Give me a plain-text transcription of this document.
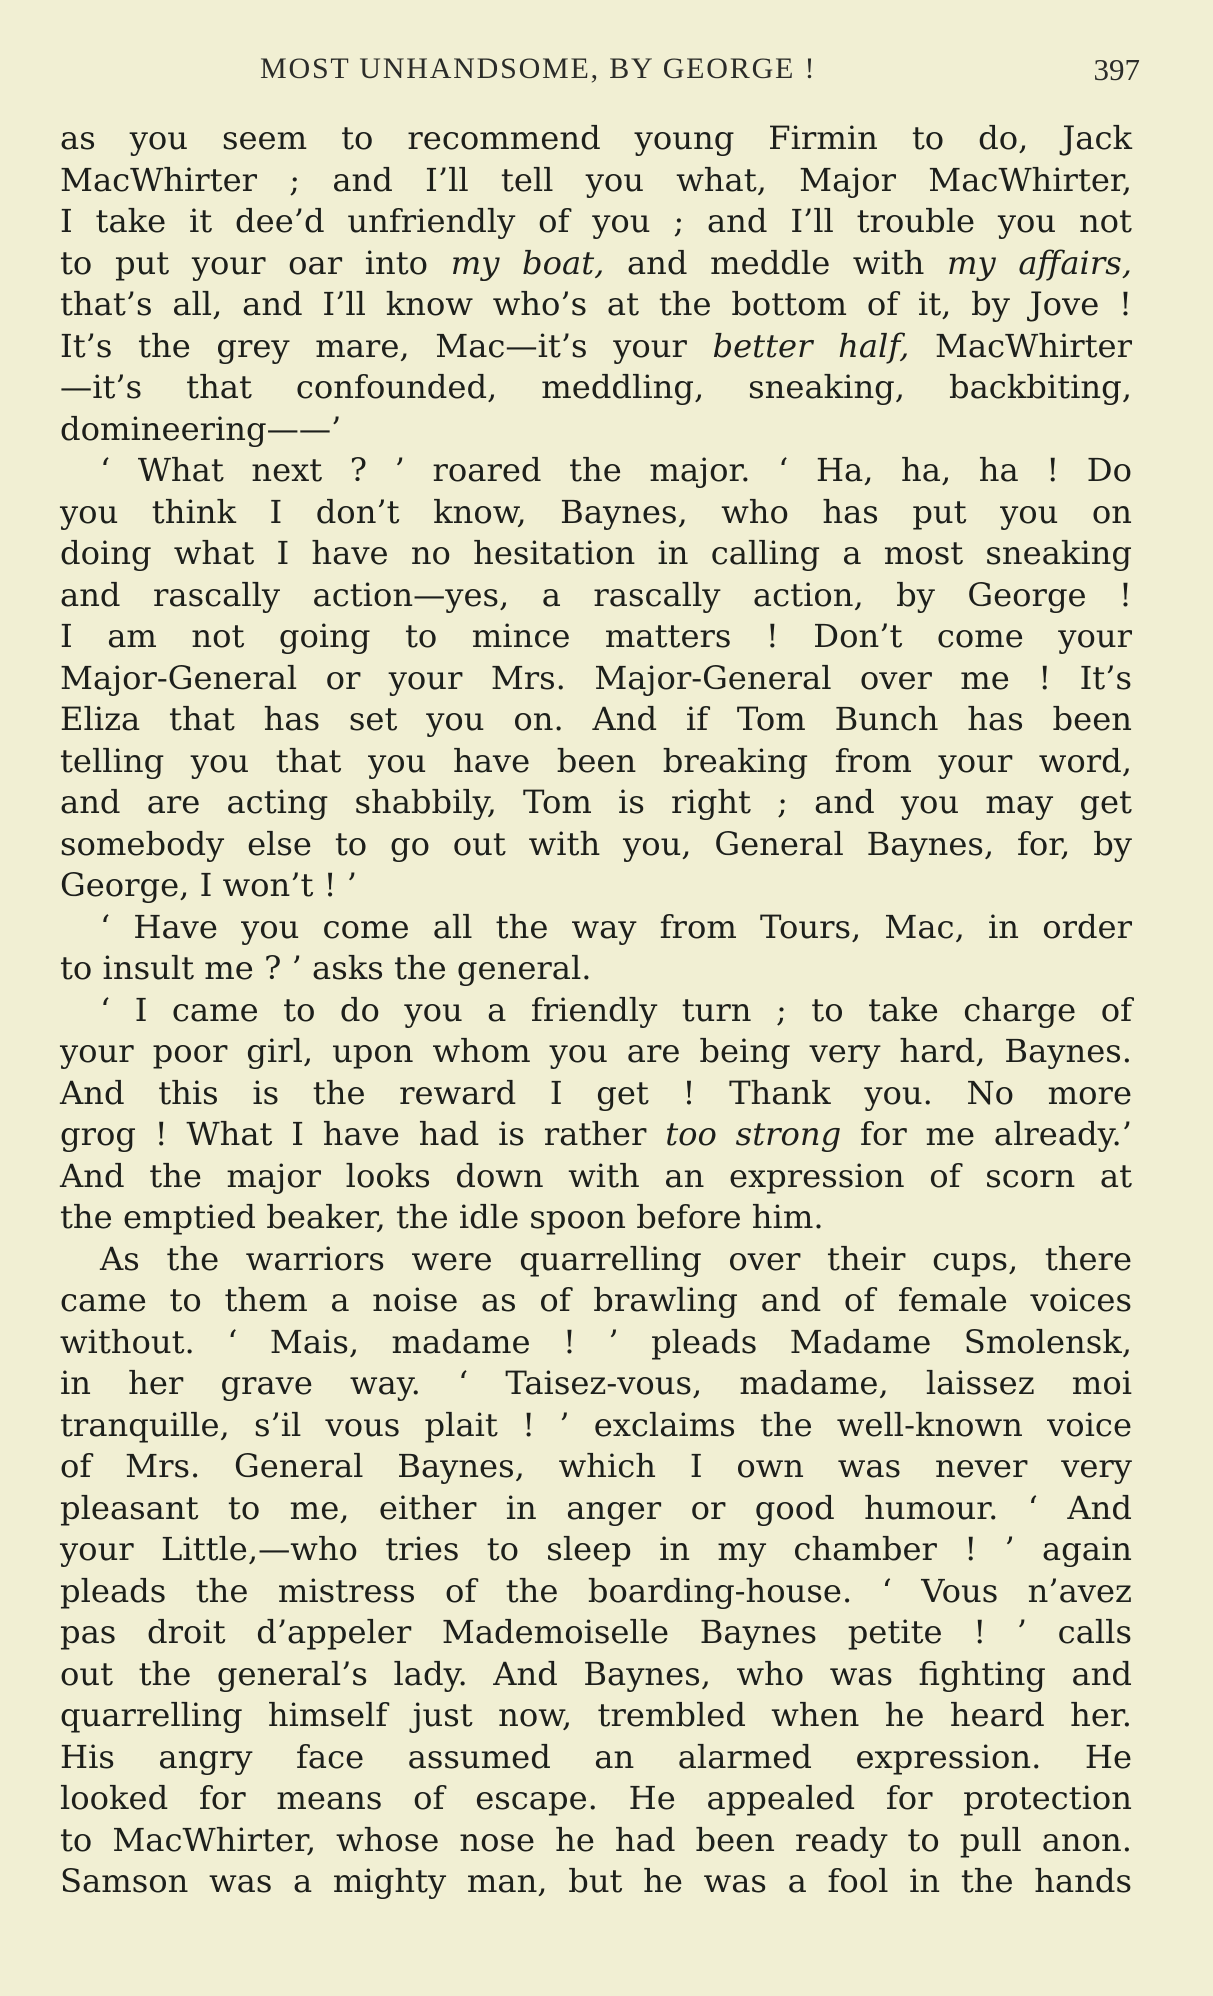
MOST UNHANDSOME, BY GEORGE !	397
as you seem to recommend young Firmin to do, Jack
MacWhirter ; and I’ll tell you what, Major MacWhirter,
I take it dee’d unfriendly of you ; and I’ll trouble you not
to put your oar into my boat, and meddle with my affairs,
that’s all, and I’ll know who’s at the bottom of it, by Jove !
It’s the grey mare, Mac—it’s your better half, MacWhirter
—it’s that confounded, meddling, sneaking, backbiting,
domineering——’
‘ What next ? ’ roared the major. ‘ Ha, ha, ha ! Do
you think I don’t know, Baynes, who has put you on
doing what I have no hesitation in calling a most sneaking
and rascally action—yes, a rascally action, by George !
I am not going to mince matters ! Don’t come your
Major-General or your Mrs. Major-General over me ! It’s
Eliza that has set you on. And if Tom Bunch has been
telling you that you have been breaking from your word,
and are acting shabbily, Tom is right ; and you may get
somebody else to go out with you, General Baynes, for, by
George, I won’t ! ’
‘ Have you come all the way from Tours, Mac, in order
to insult me ? ’ asks the general.
‘ I came to do you a friendly turn ; to take charge of
your poor girl, upon whom you are being very hard, Baynes.
And this is the reward I get ! Thank you. No more
grog ! What I have had is rather too strong for me already.’
And the major looks down with an expression of scorn at
the emptied beaker, the idle spoon before him.
As the warriors were quarrelling over their cups, there
came to them a noise as of brawling and of female voices
without. ‘ Mais, madame ! ’ pleads Madame Smolensk,
in her grave way. ‘ Taisez-vous, madame, laissez moi
tranquille, s’il vous plait ! ’ exclaims the well-known voice
of Mrs. General Baynes, which I own was never very
pleasant to me, either in anger or good humour. ‘ And
your Little,—who tries to sleep in my chamber ! ’ again
pleads the mistress of the boarding-house. ‘ Vous n’avez
pas droit d’appeler Mademoiselle Baynes petite ! ’ calls
out the general’s lady. And Baynes, who was fighting and
quarrelling himself just now, trembled when he heard her.
His angry face assumed an alarmed expression. He
looked for means of escape. He appealed for protection
to MacWhirter, whose nose he had been ready to pull anon.
Samson was a mighty man, but he was a fool in the hands
